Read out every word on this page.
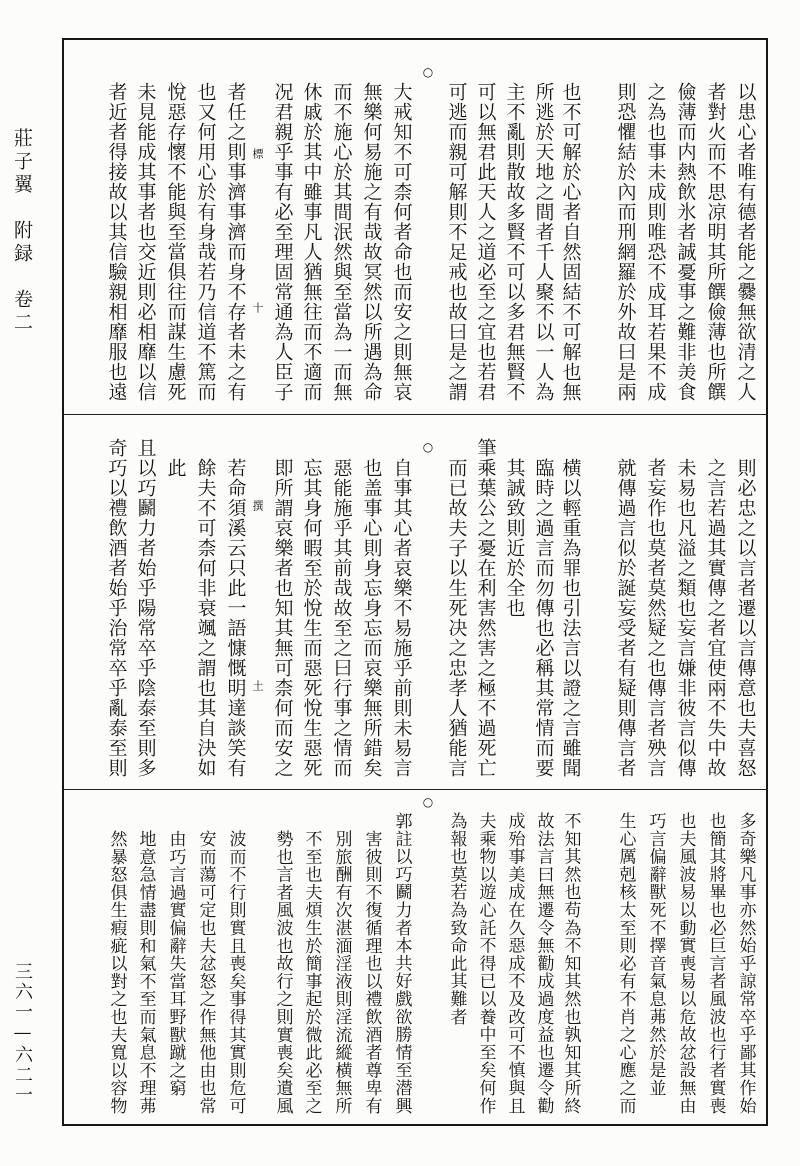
莊子翼　附録　卷二
三六一—六二一
以患心者唯有德者能之爨無欲清之人
者對火而不思凉明其所饌儉薄也所饌
儉薄而内熱飲氷者誠憂事之難非羙食
之為也事未成則唯恐不成耳若果不成
則恐懼結於內而刑網羅於外故曰是兩
也不可解於心者自然固結不可解也無
所逃於天地之間者千人聚不以一人為
主不亂則散故多賢不可以多君無賢不
可以無君此天人之道必至之宜也若君
可逃而親可解則不足戒也故曰是之謂
○
大戒知不可柰何者命也而安之則無哀
無樂何易施之有哉故冥然以所遇為命
而不施心於其間泯然與至當為一而無
休戚於其中雖事凡人猶無往而不適而
况君親乎事有必至理固常通為人臣子
者任之則事濟事濟而身不存者未之有
也又何用心於有身哉若乃信道不篤而
悅惡存懷不能與至當俱往而謀生慮死
未見能成其事者也交近則必相靡以信
者近者得接故以其信驗親相靡服也遠	標
十
則必忠之以言者遷以言傳意也夫喜怒
之言若過其實傳之者宜使兩不失中故
未易也凡溢之類也妄言嫌非彼言似傳
者妄作也莫者莫然疑之也傳言者殃言
就傳過言似於誕妄受者有疑則傳言者
横以輕重為罪也引法言以證之言雖聞
臨時之過言而勿傳也必稱其常情而要
其誠致則近於全也
筆乘葉公之憂在利害然害之極不過死亡
而已故夫子以生死决之忠孝人猶能言
○
自事其心者哀樂不易施乎前則未易言
也盖事心則身忘身忘而哀樂無所錯矣
惡能施乎其前哉故至之曰行事之情而
忘其身何暇至於悅生而惡死悅生惡死
即所謂哀樂者也知其無可柰何而安之
若命須溪云只此一語慷慨明達談笑有
餘夫不可柰何非衰颯之謂也其自決如
此
且以巧鬬力者始乎陽常卒乎陰泰至則多
奇巧以禮飲酒者始乎治常卒乎亂泰至則	撰
土
多奇樂凡事亦然始乎諒常卒乎鄙其作始
也簡其將畢也必巨言者風波也行者實喪
也夫風波易以動實喪易以危故忿設無由
巧言偏辭獸死不擇音氣息茀然於是並
生心厲剋核太至則必有不肖之心應之而
不知其然也苟為不知其然也孰知其所終
故法言曰無遷令無勸成過度益也遷令勸
成殆事美成在久惡成不及改可不慎與且
夫乘物以遊心託不得已以養中至矣何作
為報也莫若為致命此其難者
○
郭註以巧鬬力者本共好戲欲勝情至潜興
害彼則不復循理也以禮飲酒者尊卑有
別旅酬有次湛湎淫液則淫流縱横無所
不至也夫煩生於簡事起於微此必至之
勢也言者風波也故行之則實喪矣遺風
波而不行則實且喪矣事得其實則危可
安而蕩可定也夫忿怒之作無他由也常
由巧言過實偏辭失當耳野獸蹴之窮
地意急情盡則和氣不至而氣息不理茀
然暴怒俱生瘕疵以對之也夫寬以容物
